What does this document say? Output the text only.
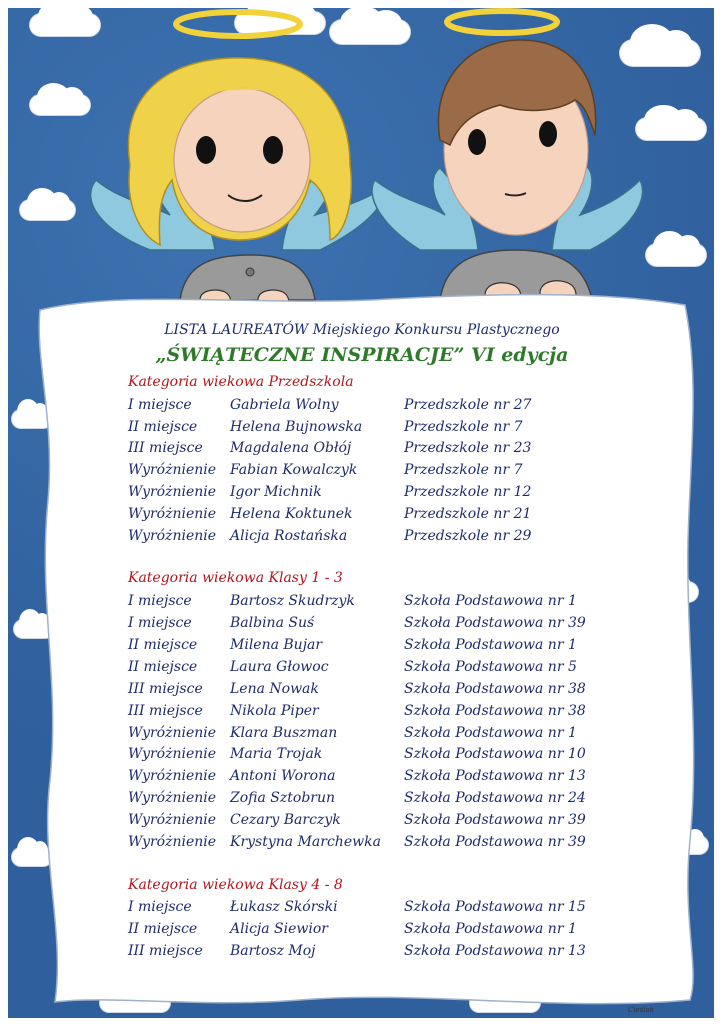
LISTA LAUREATÓW Miejskiego Konkursu Plastycznego
„ŚWIĄTECZNE INSPIRACJE” VI edycja
Kategoria wiekowa Przedszkola
I miejsce	Gabriela Wolny	Przedszkole nr 27
II miejsce Helena Bujnowska	Przedszkole nr 7
III miejsce Magdalena Obłój	Przedszkole nr 23
Wyróżnienie Fabian Kowalczyk	Przedszkole nr 7
Wyróżnienie Igor Michnik	Przedszkole nr 12
Wyróżnienie Helena Koktunek	Przedszkole nr 21
Wyróżnienie Alicja Rostańska	Przedszkole nr 29
Kategoria wiekowa Klasy 1 - 3
I miejsce	Bartosz Skudrzyk	Szkoła Podstawowa nr 1
I miejsce	Balbina Suś	Szkoła Podstawowa nr 39
II miejsce Milena Bujar	Szkoła Podstawowa nr 1
II miejsce Laura Głowoc	Szkoła Podstawowa nr 5
III miejsce Lena Nowak	Szkoła Podstawowa nr 38
III miejsce Nikola Piper	Szkoła Podstawowa nr 38
Wyróżnienie Klara Buszman	Szkoła Podstawowa nr 1
Wyróżnienie Maria Trojak	Szkoła Podstawowa nr 10
Wyróżnienie Antoni Worona	Szkoła Podstawowa nr 13
Wyróżnienie Zofia Sztobrun	Szkoła Podstawowa nr 24
Wyróżnienie Cezary Barczyk	Szkoła Podstawowa nr 39
Wyróżnienie Krystyna Marchewka Szkoła Podstawowa nr 39
Kategoria wiekowa Klasy 4 - 8
I miejsce	Łukasz Skórski	Szkoła Podstawowa nr 15
II miejsce Alicja Siewior	Szkoła Podstawowa nr 1
III miejsce Bartosz Moj	Szkoła Podstawowa nr 13
Cieślak
